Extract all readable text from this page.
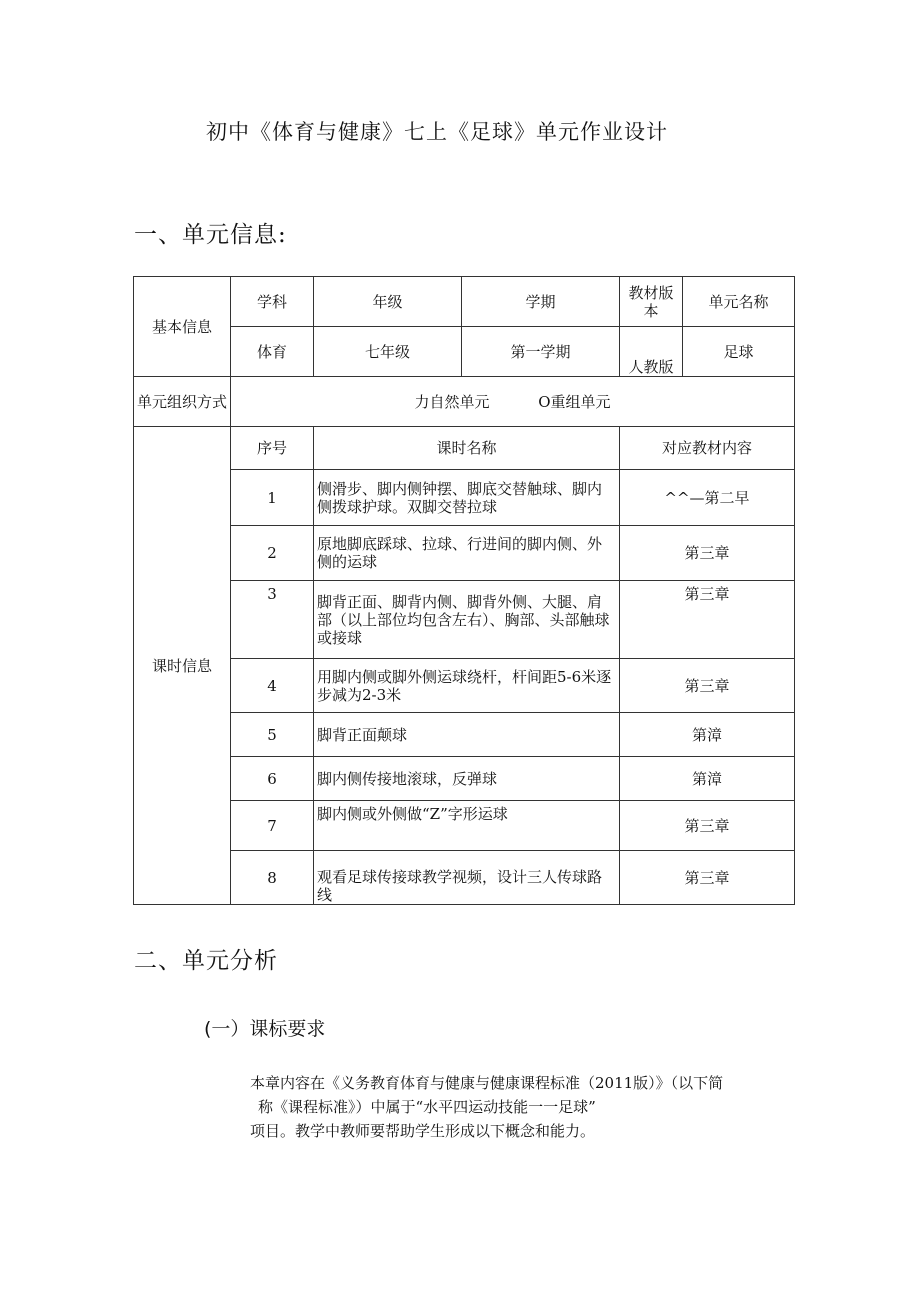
初中《体育与健康》七上《足球》单元作业设计
一、单元信息:
基本信息	学科	年级	学期	教材版本	单元名称
	体育	七年级	第一学期	人教版	足球
单元组织方式	力自然单元 O重组单元				
课时信息	序号	课时名称		对应教材内容	
	1	侧滑步、脚内侧钟摆、脚底交替触球、脚内侧拨球护球。双脚交替拉球		^^—第二早	
	2	原地脚底踩球、拉球、行进间的脚内侧、外侧的运球		第三章	
	3	脚背正面、脚背内侧、脚背外侧、大腿、肩部（以上部位均包含左右）、胸部、头部触球或接球		第三章	
	4	用脚内侧或脚外侧运球绕杆，杆间距5-6米逐步减为2-3米		第三章	
	5	脚背正面颠球		第漳	
	6	脚内侧传接地滚球，反弹球		第漳	
	7	脚内侧或外侧做“Z”字形运球		第三章	
	8	观看足球传接球教学视频，设计三人传球路线		第三章	
二、单元分析
(一）课标要求
本章内容在《义务教育体育与健康与健康课程标准（2011版）》（以下简
称《课程标准》）中属于“水平四运动技能一一足球”
项目。教学中教师要帮助学生形成以下概念和能力。
